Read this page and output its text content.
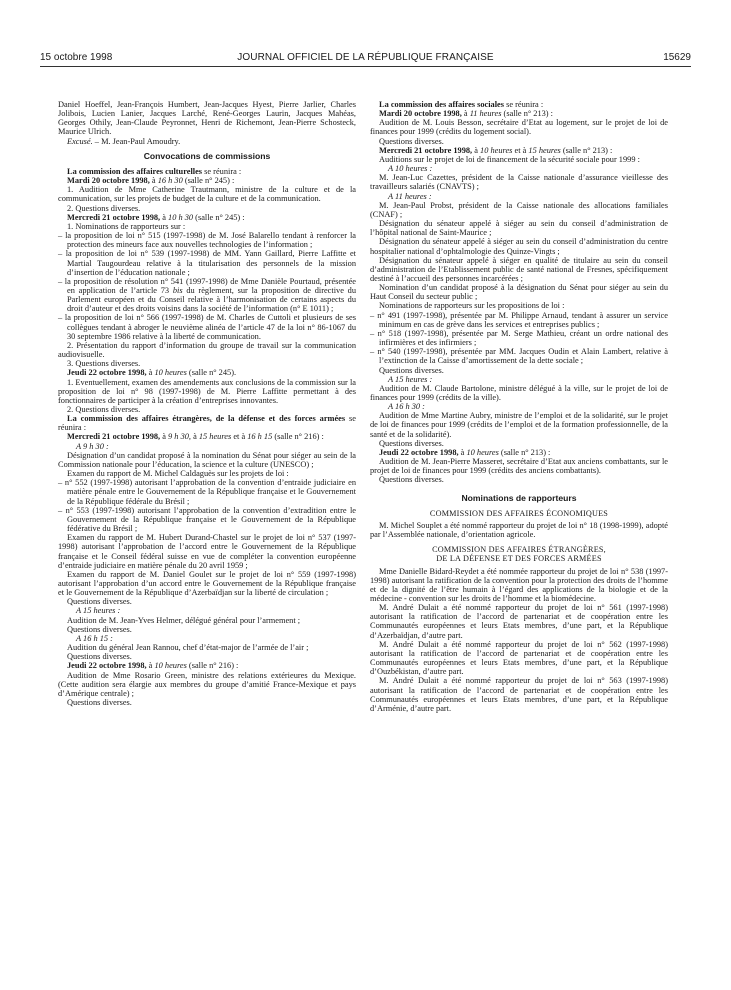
15 octobre 1998	JOURNAL OFFICIEL DE LA RÉPUBLIQUE FRANÇAISE	15629

Daniel Hoeffel, Jean-François Humbert, Jean-Jacques Hyest, Pierre Jarlier, Charles Jolibois, Lucien Lanier, Jacques Larché, René-Georges Laurin, Jacques Mahéas, Georges Othily, Jean-Claude Peyronnet, Henri de Richemont, Jean-Pierre Schosteck, Maurice Ulrich.

Excusé. – M. Jean-Paul Amoudry.

Convocations de commissions

La commission des affaires culturelles se réunira :

Mardi 20 octobre 1998, à 16 h 30 (salle n° 245) :

1. Audition de Mme Catherine Trautmann, ministre de la culture et de la communication, sur les projets de budget de la culture et de la communication.

2. Questions diverses.

Mercredi 21 octobre 1998, à 10 h 30 (salle n° 245) :

1. Nominations de rapporteurs sur :

– la proposition de loi n° 515 (1997-1998) de M. José Balarello tendant à renforcer la protection des mineurs face aux nouvelles technologies de l’information ;

– la proposition de loi n° 539 (1997-1998) de MM. Yann Gaillard, Pierre Laffitte et Martial Taugourdeau relative à la titularisation des personnels de la mission d’insertion de l’éducation nationale ;

– la proposition de résolution n° 541 (1997-1998) de Mme Danièle Pourtaud, présentée en application de l’article 73 bis du règlement, sur la proposition de directive du Parlement européen et du Conseil relative à l’harmonisation de certains aspects du droit d’auteur et des droits voisins dans la société de l’information (n° E 1011) ;

– la proposition de loi n° 566 (1997-1998) de M. Charles de Cuttoli et plusieurs de ses collègues tendant à abroger le neuvième alinéa de l’article 47 de la loi n° 86-1067 du 30 septembre 1986 relative à la liberté de communication.

2. Présentation du rapport d’information du groupe de travail sur la communication audiovisuelle.

3. Questions diverses.

Jeudi 22 octobre 1998, à 10 heures (salle n° 245).

1. Eventuellement, examen des amendements aux conclusions de la commission sur la proposition de loi n° 98 (1997-1998) de M. Pierre Laffitte permettant à des fonctionnaires de participer à la création d’entreprises innovantes.

2. Questions diverses.

La commission des affaires étrangères, de la défense et des forces armées se réunira :

Mercredi 21 octobre 1998, à 9 h 30, à 15 heures et à 16 h 15 (salle n° 216) :

A 9 h 30 :

Désignation d’un candidat proposé à la nomination du Sénat pour siéger au sein de la Commission nationale pour l’éducation, la science et la culture (UNESCO) ;

Examen du rapport de M. Michel Caldaguès sur les projets de loi :

– n° 552 (1997-1998) autorisant l’approbation de la convention d’entraide judiciaire en matière pénale entre le Gouvernement de la République française et le Gouvernement de la République fédérale du Brésil ;

– n° 553 (1997-1998) autorisant l’approbation de la convention d’extradition entre le Gouvernement de la République française et le Gouvernement de la République fédérative du Brésil ;

Examen du rapport de M. Hubert Durand-Chastel sur le projet de loi n° 537 (1997-1998) autorisant l’approbation de l’accord entre le Gouvernement de la République française et le Conseil fédéral suisse en vue de compléter la convention européenne d’entraide judiciaire en matière pénale du 20 avril 1959 ;

Examen du rapport de M. Daniel Goulet sur le projet de loi n° 559 (1997-1998) autorisant l’approbation d’un accord entre le Gouvernement de la République française et le Gouvernement de la République d’Azerbaïdjan sur la liberté de circulation ;

Questions diverses.

A 15 heures :

Audition de M. Jean-Yves Helmer, délégué général pour l’armement ;

Questions diverses.

A 16 h 15 :

Audition du général Jean Rannou, chef d’état-major de l’armée de l’air ;

Questions diverses.

Jeudi 22 octobre 1998, à 10 heures (salle n° 216) :

Audition de Mme Rosario Green, ministre des relations extérieures du Mexique. (Cette audition sera élargie aux membres du groupe d’amitié France-Mexique et pays d’Amérique centrale) ;

Questions diverses.

La commission des affaires sociales se réunira :

Mardi 20 octobre 1998, à 11 heures (salle n° 213) :

Audition de M. Louis Besson, secrétaire d’Etat au logement, sur le projet de loi de finances pour 1999 (crédits du logement social).

Questions diverses.

Mercredi 21 octobre 1998, à 10 heures et à 15 heures (salle n° 213) :

Auditions sur le projet de loi de financement de la sécurité sociale pour 1999 :

A 10 heures :

M. Jean-Luc Cazettes, président de la Caisse nationale d’assurance vieillesse des travailleurs salariés (CNAVTS) ;

A 11 heures :

M. Jean-Paul Probst, président de la Caisse nationale des allocations familiales (CNAF) ;

Désignation du sénateur appelé à siéger au sein du conseil d’administration de l’hôpital national de Saint-Maurice ;

Désignation du sénateur appelé à siéger au sein du conseil d’administration du centre hospitalier national d’ophtalmologie des Quinze-Vingts ;

Désignation du sénateur appelé à siéger en qualité de titulaire au sein du conseil d’administration de l’Etablissement public de santé national de Fresnes, spécifiquement destiné à l’accueil des personnes incarcérées ;

Nomination d’un candidat proposé à la désignation du Sénat pour siéger au sein du Haut Conseil du secteur public ;

Nominations de rapporteurs sur les propositions de loi :

– n° 491 (1997-1998), présentée par M. Philippe Arnaud, tendant à assurer un service minimum en cas de grève dans les services et entreprises publics ;

– n° 518 (1997-1998), présentée par M. Serge Mathieu, créant un ordre national des infirmières et des infirmiers ;

– n° 540 (1997-1998), présentée par MM. Jacques Oudin et Alain Lambert, relative à l’extinction de la Caisse d’amortissement de la dette sociale ;

Questions diverses.

A 15 heures :

Audition de M. Claude Bartolone, ministre délégué à la ville, sur le projet de loi de finances pour 1999 (crédits de la ville).

A 16 h 30 :

Audition de Mme Martine Aubry, ministre de l’emploi et de la solidarité, sur le projet de loi de finances pour 1999 (crédits de l’emploi et de la formation professionnelle, de la santé et de la solidarité).

Questions diverses.

Jeudi 22 octobre 1998, à 10 heures (salle n° 213) :

Audition de M. Jean-Pierre Masseret, secrétaire d’Etat aux anciens combattants, sur le projet de loi de finances pour 1999 (crédits des anciens combattants).

Questions diverses.

Nominations de rapporteurs
COMMISSION DES AFFAIRES ÉCONOMIQUES

M. Michel Souplet a été nommé rapporteur du projet de loi n° 18 (1998-1999), adopté par l’Assemblée nationale, d’orientation agricole.

COMMISSION DES AFFAIRES ÉTRANGÈRES,
DE LA DÉFENSE ET DES FORCES ARMÉES

Mme Danielle Bidard-Reydet a été nommée rapporteur du projet de loi n° 538 (1997-1998) autorisant la ratification de la convention pour la protection des droits de l’homme et de la dignité de l’être humain à l’égard des applications de la biologie et de la médecine - convention sur les droits de l’homme et la biomédecine.

M. André Dulait a été nommé rapporteur du projet de loi n° 561 (1997-1998) autorisant la ratification de l’accord de partenariat et de coopération entre les Communautés européennes et leurs Etats membres, d’une part, et la République d’Azerbaïdjan, d’autre part.

M. André Dulait a été nommé rapporteur du projet de loi n° 562 (1997-1998) autorisant la ratification de l’accord de partenariat et de coopération entre les Communautés européennes et leurs Etats membres, d’une part, et la République d’Ouzbékistan, d’autre part.

M. André Dulait a été nommé rapporteur du projet de loi n° 563 (1997-1998) autorisant la ratification de l’accord de partenariat et de coopération entre les Communautés européennes et leurs Etats membres, d’une part, et la République d’Arménie, d’autre part.
